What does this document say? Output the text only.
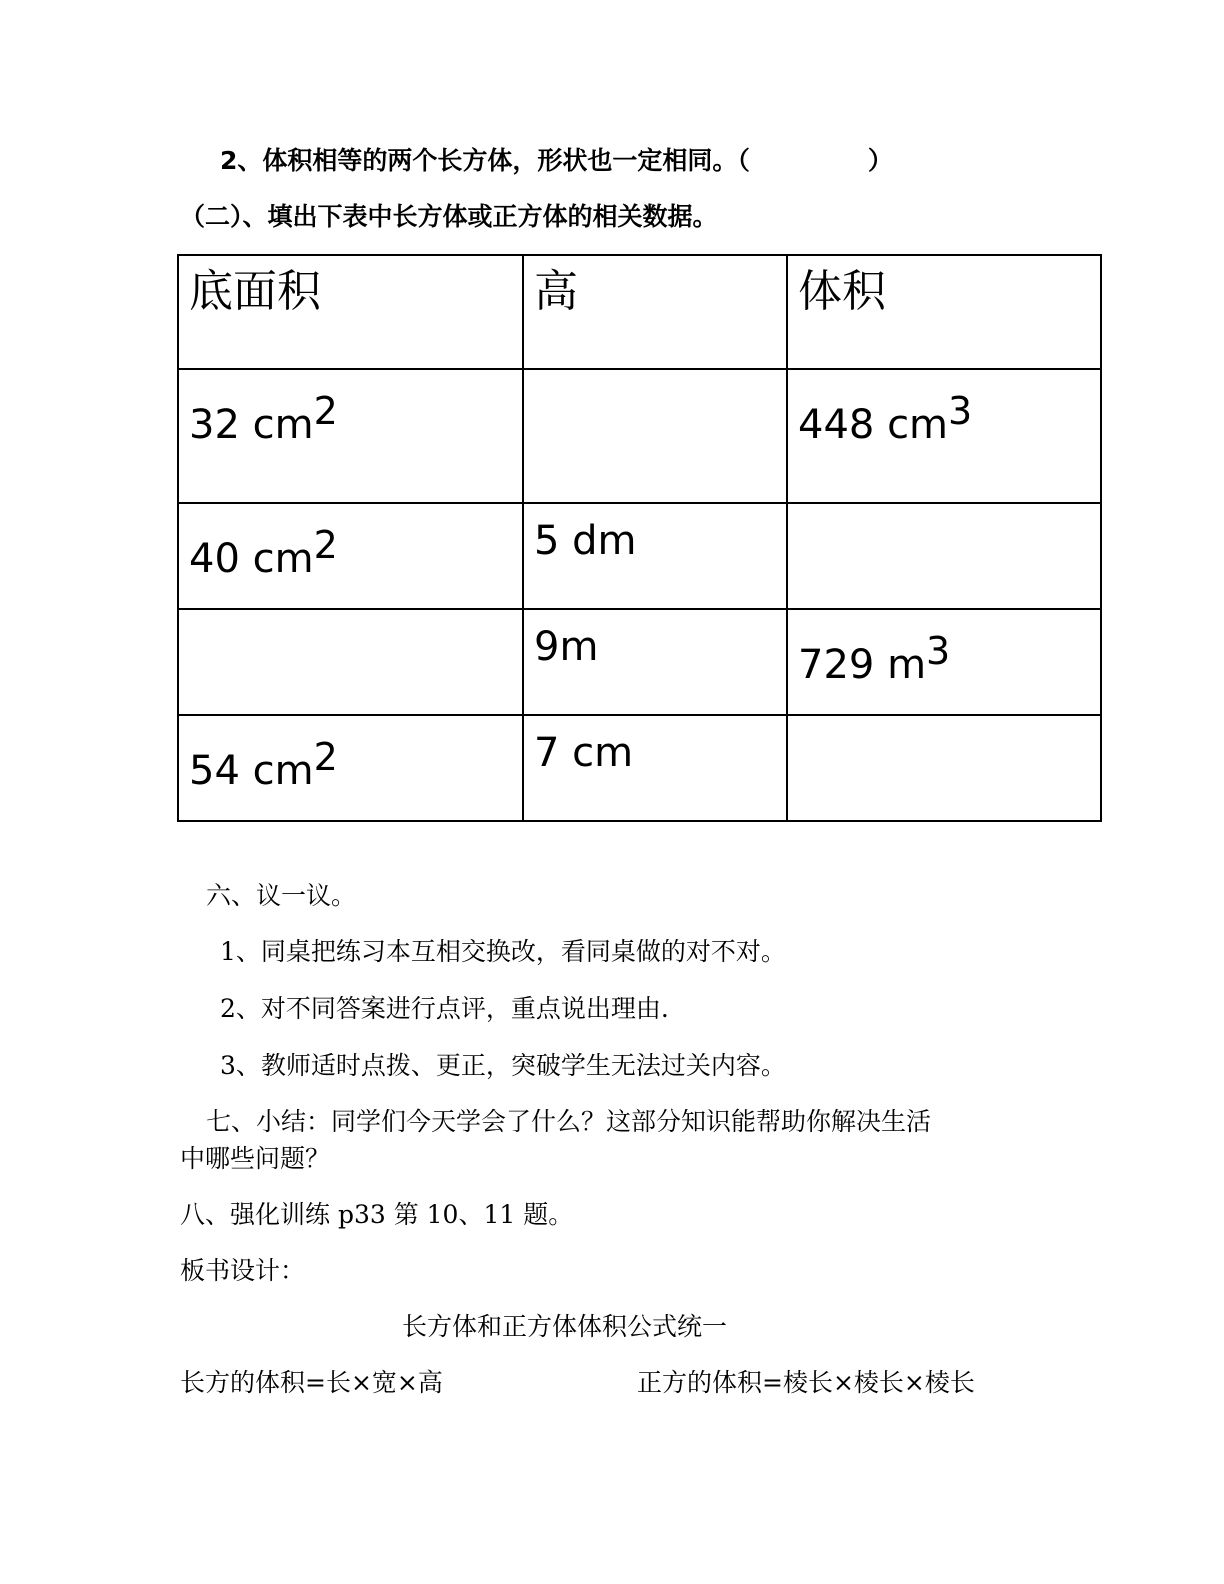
2、体积相等的两个长方体，形状也一定相同。（	）
（二）、填出下表中长方体或正方体的相关数据。
底面积	高	体积

32 $cm^2$		448 $cm^3$

40 $cm^2$	5 dm	

	9m	729 $m^3$

54 $cm^2$	7 cm	

六、议一议。
1、同桌把练习本互相交换改，看同桌做的对不对。
2、对不同答案进行点评，重点说出理由.
3、教师适时点拨、更正，突破学生无法过关内容。
七、小结：同学们今天学会了什么？这部分知识能帮助你解决生活
中哪些问题？
八、强化训练 p33 第 10、11 题。
板书设计：
长方体和正方体体积公式统一
长方的体积=长×宽×高	正方的体积=棱长×棱长×棱长
